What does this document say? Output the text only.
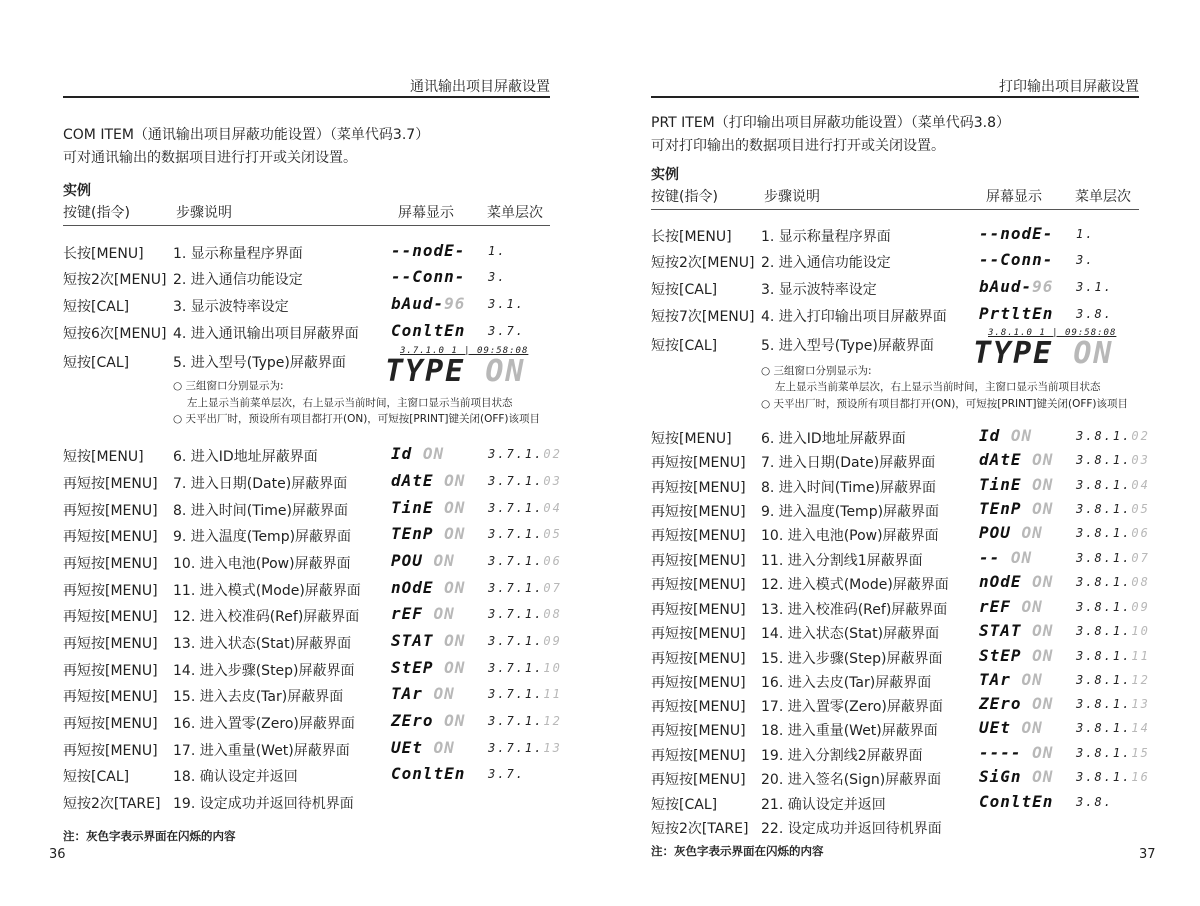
通讯输出项目屏蔽设置
COM ITEM（通讯输出项目屏蔽功能设置）（菜单代码3.7）
可对通讯输出的数据项目进行打开或关闭设置。
实例
按键(指令)	步骤说明	屏幕显示 菜单层次
长按[MENU] 1. 显示称量程序界面	--nodE- 1.
短按2次[MENU] 2. 进入通信功能设定	--Conn- 3.
短按[CAL]	3. 显示波特率设定	bAud-96 3.1.
短按6次[MENU] 4. 进入通讯输出项目屏蔽界面 ConltEn 3.7.
短按[CAL]	5. 进入型号(Type)屏蔽界面
短按[MENU] 6. 进入ID地址屏蔽界面	Id ON	3.7.1.02
再短按[MENU] 7. 进入日期(Date)屏蔽界面	dAtE ON 3.7.1.03
再短按[MENU] 8. 进入时间(Time)屏蔽界面	TinE ON 3.7.1.04
再短按[MENU] 9. 进入温度(Temp)屏蔽界面 TEnP ON 3.7.1.05
再短按[MENU] 10. 进入电池(Pow)屏蔽界面	POU ON	3.7.1.06
再短按[MENU] 11. 进入模式(Mode)屏蔽界面 nOdE ON 3.7.1.07
再短按[MENU] 12. 进入校准码(Ref)屏蔽界面 rEF ON	3.7.1.08
再短按[MENU] 13. 进入状态(Stat)屏蔽界面 STAT ON 3.7.1.09
再短按[MENU] 14. 进入步骤(Step)屏蔽界面 StEP ON 3.7.1.10
再短按[MENU] 15. 进入去皮(Tar)屏蔽界面	TAr ON	3.7.1.11
再短按[MENU] 16. 进入置零(Zero)屏蔽界面 ZEro ON 3.7.1.12
再短按[MENU] 17. 进入重量(Wet)屏蔽界面	UEt ON	3.7.1.13
短按[CAL]	18. 确认设定并返回	ConltEn 3.7.
短按2次[TARE] 19. 设定成功并返回待机界面
3.7.1.0 1 | 09:58:08
TYPE ON
○ 三组窗口分别显示为:
左上显示当前菜单层次，右上显示当前时间，主窗口显示当前项目状态
○ 天平出厂时，预设所有项目都打开(ON)，可短按[PRINT]键关闭(OFF)该项目
注：灰色字表示界面在闪烁的内容
36
打印输出项目屏蔽设置
PRT ITEM（打印输出项目屏蔽功能设置）（菜单代码3.8）
可对打印输出的数据项目进行打开或关闭设置。
实例
按键(指令)	步骤说明	屏幕显示 菜单层次
长按[MENU] 1. 显示称量程序界面	--nodE- 1.
短按2次[MENU] 2. 进入通信功能设定	--Conn- 3.
短按[CAL]	3. 显示波特率设定	bAud-96 3.1.
短按7次[MENU] 4. 进入打印输出项目屏蔽界面 PrtltEn 3.8.
短按[CAL]	5. 进入型号(Type)屏蔽界面
短按[MENU] 6. 进入ID地址屏蔽界面	Id ON	3.8.1.02
再短按[MENU] 7. 进入日期(Date)屏蔽界面	dAtE ON 3.8.1.03
再短按[MENU] 8. 进入时间(Time)屏蔽界面	TinE ON 3.8.1.04
再短按[MENU] 9. 进入温度(Temp)屏蔽界面 TEnP ON 3.8.1.05
再短按[MENU] 10. 进入电池(Pow)屏蔽界面	POU ON	3.8.1.06
再短按[MENU] 11. 进入分割线1屏蔽界面	-- ON	3.8.1.07
再短按[MENU] 12. 进入模式(Mode)屏蔽界面 nOdE ON 3.8.1.08
再短按[MENU] 13. 进入校准码(Ref)屏蔽界面 rEF ON	3.8.1.09
再短按[MENU] 14. 进入状态(Stat)屏蔽界面 STAT ON 3.8.1.10
再短按[MENU] 15. 进入步骤(Step)屏蔽界面 StEP ON 3.8.1.11
再短按[MENU] 16. 进入去皮(Tar)屏蔽界面	TAr ON	3.8.1.12
再短按[MENU] 17. 进入置零(Zero)屏蔽界面 ZEro ON 3.8.1.13
再短按[MENU] 18. 进入重量(Wet)屏蔽界面	UEt ON	3.8.1.14
再短按[MENU] 19. 进入分割线2屏蔽界面	---- ON 3.8.1.15
再短按[MENU] 20. 进入签名(Sign)屏蔽界面 SiGn ON 3.8.1.16
短按[CAL]	21. 确认设定并返回	ConltEn 3.8.
短按2次[TARE] 22. 设定成功并返回待机界面
3.8.1.0 1 | 09:58:08
TYPE ON
○ 三组窗口分别显示为:
左上显示当前菜单层次，右上显示当前时间，主窗口显示当前项目状态
○ 天平出厂时，预设所有项目都打开(ON)，可短按[PRINT]键关闭(OFF)该项目
注：灰色字表示界面在闪烁的内容	37
